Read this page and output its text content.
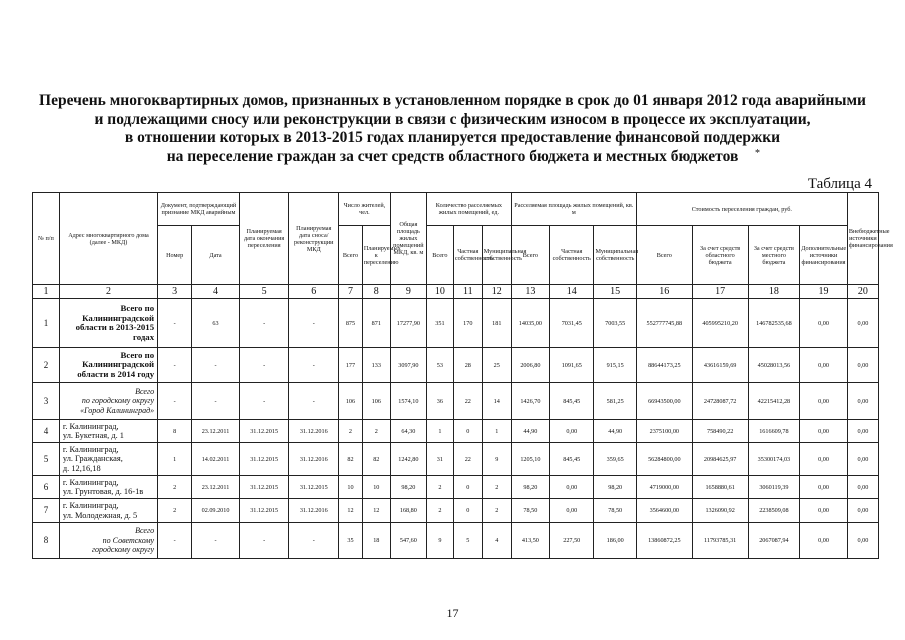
Перечень многоквартирных домов, признанных в установленном порядке в срок до 01 января 2012 года аварийными
и подлежащими сносу или реконструкции в связи с физическим износом в процессе их эксплуатации,
в отношении которых в 2013-2015 годах планируется предоставление финансовой поддержки
на переселение граждан за счет средств областного бюджета и местных бюджетов	*
Таблица 4
№ п/п	Адрес многоквартирного дома (далее - МКД)	Документ, подтверждающий признание МКД аварийным		Планируемая дата окончания переселения	Планируемая дата сноса/ реконструкции МКД	Число жителей, чел.		Общая площадь жилых помещений МКД, кв. м	Количество расселяемых жилых помещений, ед.			Расселяемая площадь жилых помещений, кв. м			Стоимость переселения граждан, руб.				Внебюджетные источники финансирования
		Номер	Дата			Всего	Планируемых к переселению		Всего	Частная собственность	Муниципальная собственность	Всего	Частная собственность	Муниципальная собственность	Всего	За счет средств областного бюджета	За счет средств местного бюджета	Дополнительные источники финансирования	
1	2	3	4	5	6	7	8	9	10	11	12	13	14	15	16	17	18	19	20
1	Всего по
Калининградской
области в 2013-2015
годах	-	63	-	-	875	871	17277,90	351	170	181	14035,00	7031,45	7003,55	552777745,88	405995210,20	146782535,68	0,00	0,00
2	Всего по
Калининградской
области в 2014 году	-	-	-	-	177	133	3097,90	53	28	25	2006,80	1091,65	915,15	88644173,25	43616159,69	45028013,56	0,00	0,00
3	Всего
по городскому округу
«Город Калининград»	-	-	-	-	106	106	1574,10	36	22	14	1426,70	845,45	581,25	66943500,00	24728087,72	42215412,28	0,00	0,00
4	г. Калининград,
ул. Букетная, д. 1	8	23.12.2011	31.12.2015	31.12.2016	2	2	64,30	1	0	1	44,90	0,00	44,90	2375100,00	758490,22	1616609,78	0,00	0,00
5	г. Калининград,
ул. Гражданская,
д. 12,16,18	1	14.02.2011	31.12.2015	31.12.2016	82	82	1242,80	31	22	9	1205,10	845,45	359,65	56284800,00	20984625,97	35300174,03	0,00	0,00
6	г. Калининград,
ул. Грунтовая, д. 16-1в	2	23.12.2011	31.12.2015	31.12.2015	10	10	98,20	2	0	2	98,20	0,00	98,20	4719000,00	1658880,61	3060119,39	0,00	0,00
7	г. Калининград,
ул. Молодежная, д. 5	2	02.09.2010	31.12.2015	31.12.2016	12	12	168,80	2	0	2	78,50	0,00	78,50	3564600,00	1326090,92	2238509,08	0,00	0,00
8	Всего
по Советскому
городскому округу	-	-	-	-	35	18	547,60	9	5	4	413,50	227,50	186,00	13860872,25	11793785,31	2067087,94	0,00	0,00
17
